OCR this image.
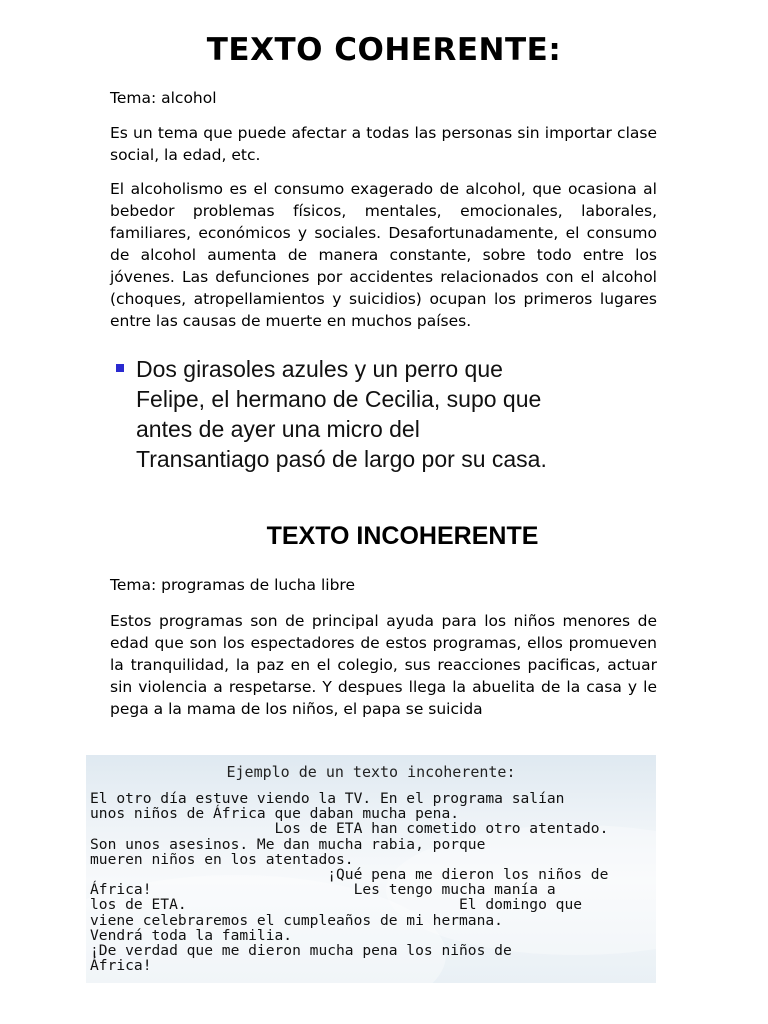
TEXTO COHERENTE:
Tema: alcohol
Es un tema que puede afectar a todas las personas sin importar clase social, la edad, etc.
El alcoholismo es el consumo exagerado de alcohol, que ocasiona al bebedor problemas físicos, mentales, emocionales, laborales, familiares, económicos y sociales. Desafortunadamente, el consumo de alcohol aumenta de manera constante, sobre todo entre los jóvenes. Las defunciones por accidentes relacionados con el alcohol (choques, atropellamientos y suicidios) ocupan los primeros lugares entre las causas de muerte en muchos países.
Dos girasoles azules y un perro que
Felipe, el hermano de Cecilia, supo que
antes de ayer una micro del
Transantiago pasó de largo por su casa.
TEXTO INCOHERENTE
Tema: programas de lucha libre
Estos programas son de principal ayuda para los niños menores de edad que son los espectadores de estos programas, ellos promueven la tranquilidad, la paz en el colegio, sus reacciones pacificas, actuar sin violencia a respetarse. Y despues llega la abuelita de la casa y le pega a la mama de los niños, el papa se suicida
Ejemplo de un texto incoherente:
El otro día estuve viendo la TV. En el programa salían
unos niños de África que daban mucha pena.
Los de ETA han cometido otro atentado.
Son unos asesinos. Me dan mucha rabia, porque
mueren niños en los atentados.
¡Qué pena me dieron los niños de
África!                       Les tengo mucha manía a
los de ETA.                               El domingo que
viene celebraremos el cumpleaños de mi hermana.
Vendrá toda la familia.
¡De verdad que me dieron mucha pena los niños de
África!
